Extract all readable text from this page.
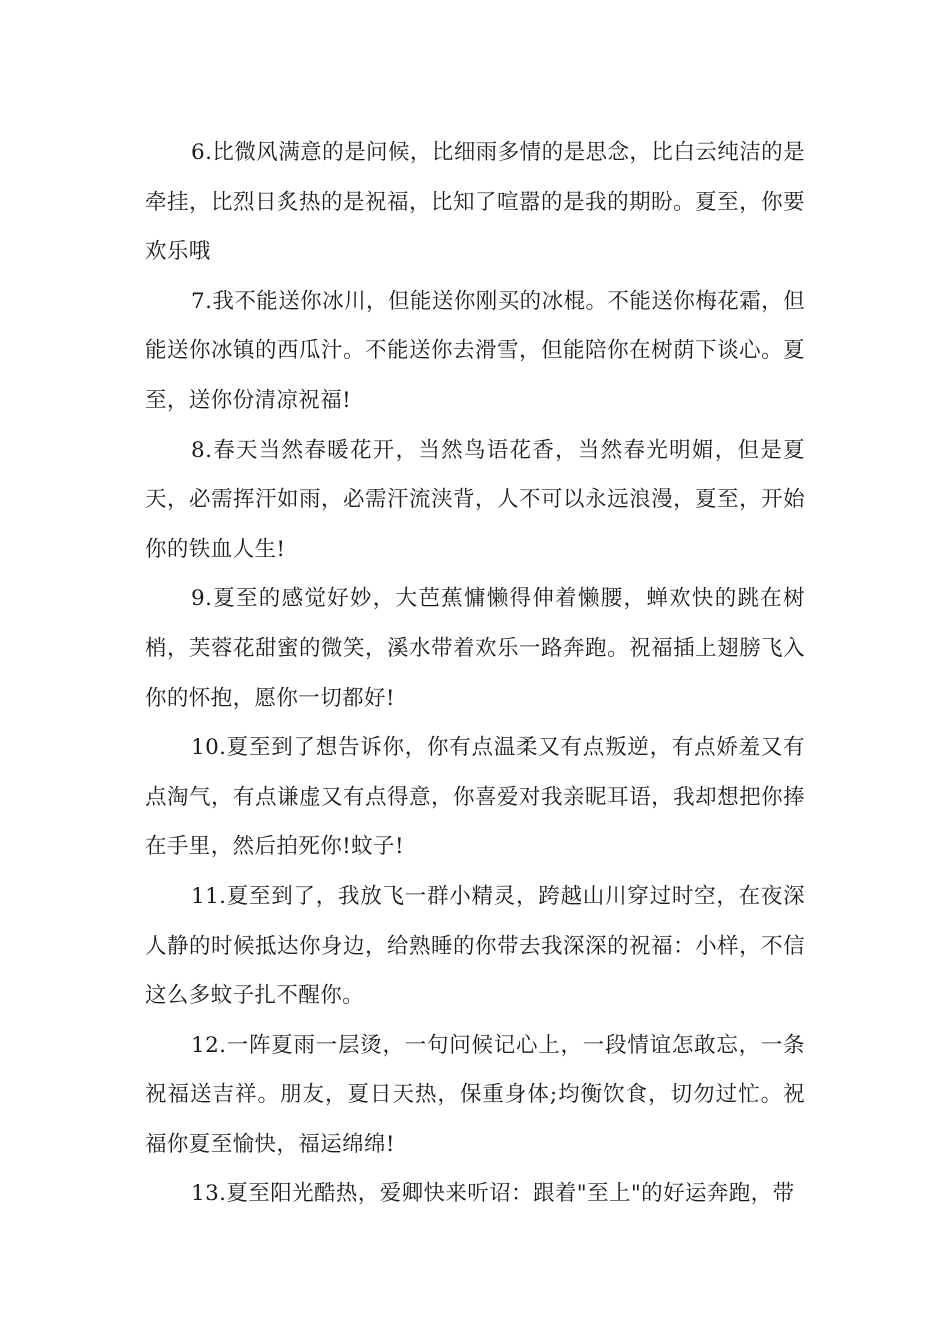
6.比微风满意的是问候，比细雨多情的是思念，比白云纯洁的是牵挂，比烈日炙热的是祝福，比知了喧嚣的是我的期盼。夏至，你要欢乐哦

7.我不能送你冰川，但能送你刚买的冰棍。不能送你梅花霜，但能送你冰镇的西瓜汁。不能送你去滑雪，但能陪你在树荫下谈心。夏至，送你份清凉祝福!

8.春天当然春暖花开，当然鸟语花香，当然春光明媚，但是夏天，必需挥汗如雨，必需汗流浃背，人不可以永远浪漫，夏至，开始你的铁血人生!

9.夏至的感觉好妙，大芭蕉慵懒得伸着懒腰，蝉欢快的跳在树梢，芙蓉花甜蜜的微笑，溪水带着欢乐一路奔跑。祝福插上翅膀飞入你的怀抱，愿你一切都好!

10.夏至到了想告诉你，你有点温柔又有点叛逆，有点娇羞又有点淘气，有点谦虚又有点得意，你喜爱对我亲昵耳语，我却想把你捧在手里，然后拍死你!蚊子!

11.夏至到了，我放飞一群小精灵，跨越山川穿过时空，在夜深人静的时候抵达你身边，给熟睡的你带去我深深的祝福：小样，不信这么多蚊子扎不醒你。

12.一阵夏雨一层烫，一句问候记心上，一段情谊怎敢忘，一条祝福送吉祥。朋友，夏日天热，保重身体;均衡饮食，切勿过忙。祝福你夏至愉快，福运绵绵!

13.夏至阳光酷热，爱卿快来听诏：跟着"至上"的好运奔跑，带
